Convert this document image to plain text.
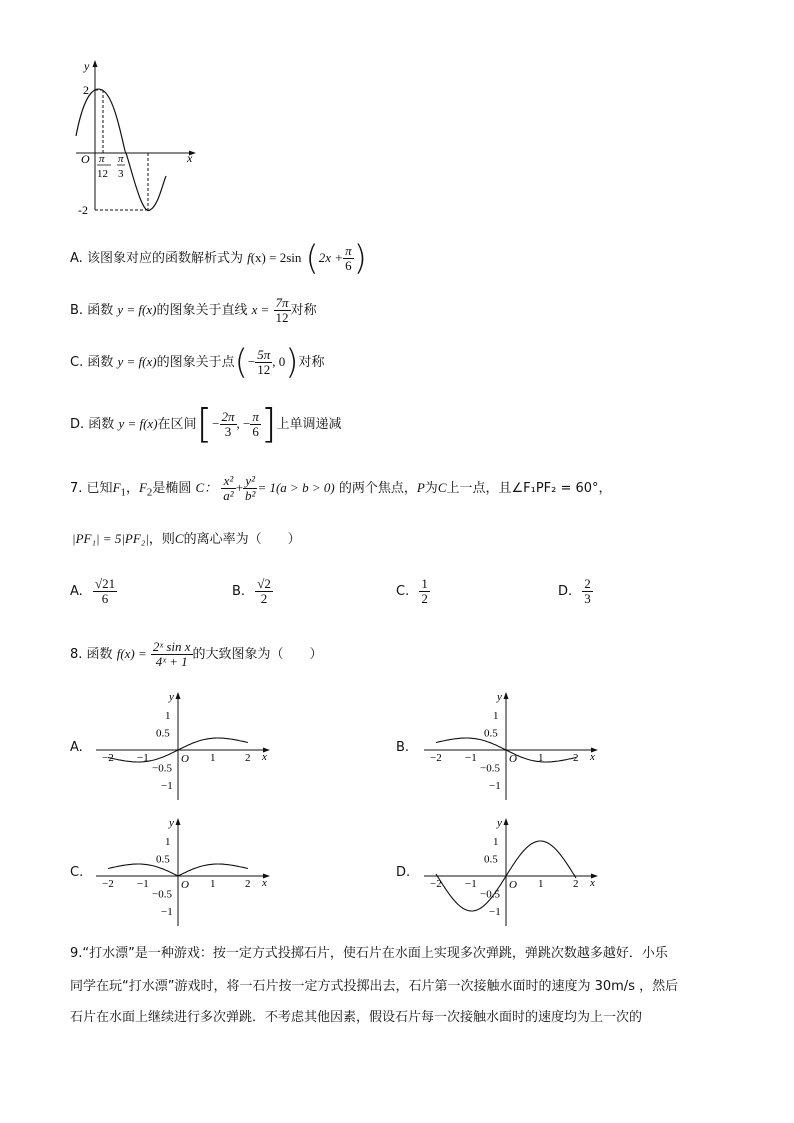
y
x
O
2
-2
π
12
π
3
A. 该图象对应的函数解析式为 f(x) = 2sin ($2x + \frac{\pi}{6}$ )
B. 函数 y = f(x)的图象关于直线 $x = \frac{7\pi}{12}$ 对称
C. 函数 y = f(x)的图象关于点(− $\frac{5\pi}{12}$ , 0)对称
D. 函数 y = f(x)在区间[− $\frac{2\pi}{3}$ , − $\frac{\pi}{6}$ ]上单调递减
7. 已知$F_1$，$F_2$是椭圆 C： $\frac{\text{x²}}{\text{a²}} + \frac{\text{y²}}{\text{b²}} = 1(a > b > 0)$ 的两个焦点，P为C上一点，且∠F₁PF₂ = 60°，
|PF₁| = 5|PF₂|，则C的离心率为（　　）
A. $\frac{√21}{6}$	B. $\frac{√2}{2}$	C. $\frac{1}{2}$	D. $\frac{2}{3}$
8. 函数 $f(x) = \frac{\text{2ˣ sin x}}{\text{4ˣ + 1}}$ 的大致图象为（　　）
A.	B.
C.	D.
y
x
O
1
0.5
−0.5
−1
−2 −1	1	2
y
x
O
1
0.5
−0.5
−1
−2 −1	1	2
y
x
O
1
0.5
−0.5
−1
−2 −1	1	2
y
x
O
1
0.5
−0.5
−1
−2 −1	1	2
9.“打水漂”是一种游戏：按一定方式投掷石片，使石片在水面上实现多次弹跳，弹跳次数越多越好．小乐
同学在玩“打水漂”游戏时，将一石片按一定方式投掷出去，石片第一次接触水面时的速度为 30m/s ，然后
石片在水面上继续进行多次弹跳．不考虑其他因素，假设石片每一次接触水面时的速度均为上一次的
